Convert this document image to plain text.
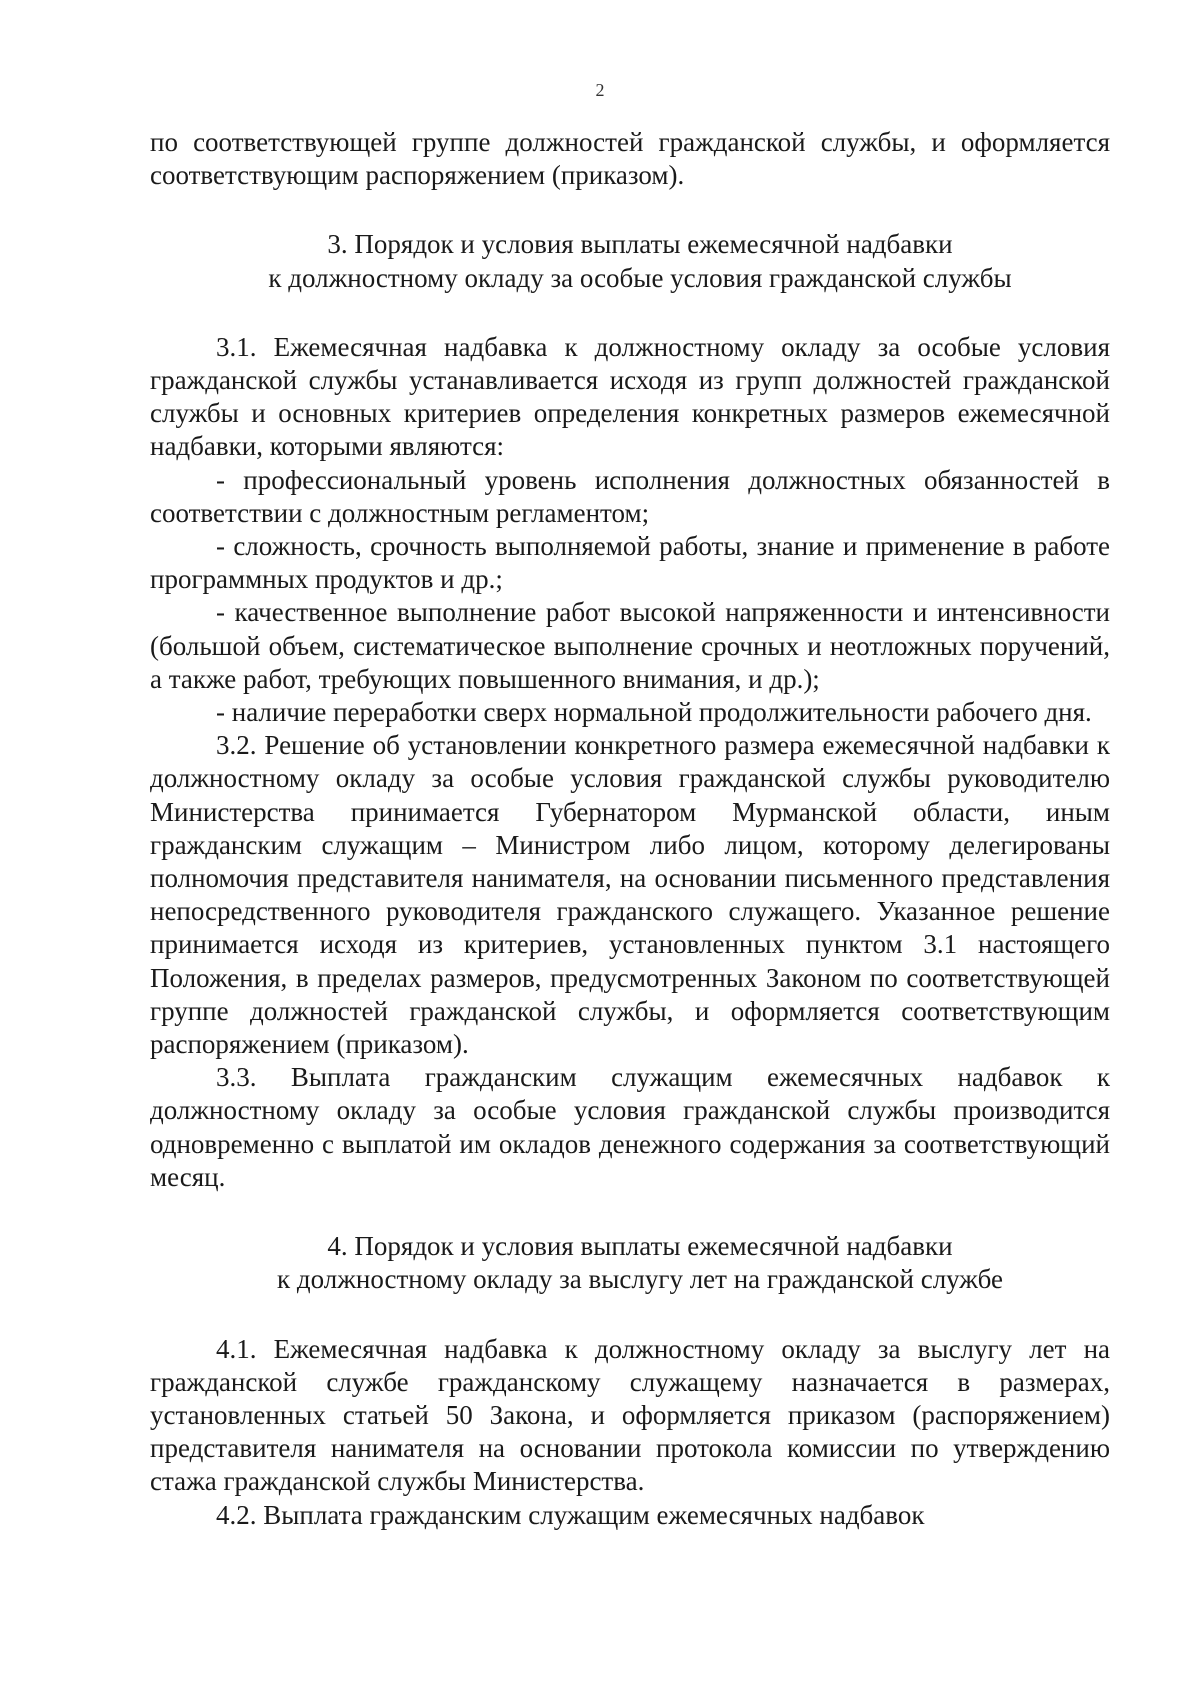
2

по соответствующей группе должностей гражданской службы, и оформляется соответствующим распоряжением (приказом).

3. Порядок и условия выплаты ежемесячной надбавки
к должностному окладу за особые условия гражданской службы

3.1. Ежемесячная надбавка к должностному окладу за особые условия гражданской службы устанавливается исходя из групп должностей гражданской службы и основных критериев определения конкретных размеров ежемесячной надбавки, которыми являются:

- профессиональный уровень исполнения должностных обязанностей в соответствии с должностным регламентом;

- сложность, срочность выполняемой работы, знание и применение в работе программных продуктов и др.;

- качественное выполнение работ высокой напряженности и интенсивности (большой объем, систематическое выполнение срочных и неотложных поручений, а также работ, требующих повышенного внимания, и др.);

- наличие переработки сверх нормальной продолжительности рабочего дня.

3.2. Решение об установлении конкретного размера ежемесячной надбавки к должностному окладу за особые условия гражданской службы руководителю Министерства принимается Губернатором Мурманской области, иным гражданским служащим – Министром либо лицом, которому делегированы полномочия представителя нанимателя, на основании письменного представления непосредственного руководителя гражданского служащего. Указанное решение принимается исходя из критериев, установленных пунктом 3.1 настоящего Положения, в пределах размеров, предусмотренных Законом по соответствующей группе должностей гражданской службы, и оформляется соответствующим распоряжением (приказом).

3.3. Выплата гражданским служащим ежемесячных надбавок к должностному окладу за особые условия гражданской службы производится одновременно с выплатой им окладов денежного содержания за соответствующий месяц.

4. Порядок и условия выплаты ежемесячной надбавки
к должностному окладу за выслугу лет на гражданской службе

4.1. Ежемесячная надбавка к должностному окладу за выслугу лет на гражданской службе гражданскому служащему назначается в размерах, установленных статьей 50 Закона, и оформляется приказом (распоряжением) представителя нанимателя на основании протокола комиссии по утверждению стажа гражданской службы Министерства.

4.2. Выплата гражданским служащим ежемесячных надбавок
